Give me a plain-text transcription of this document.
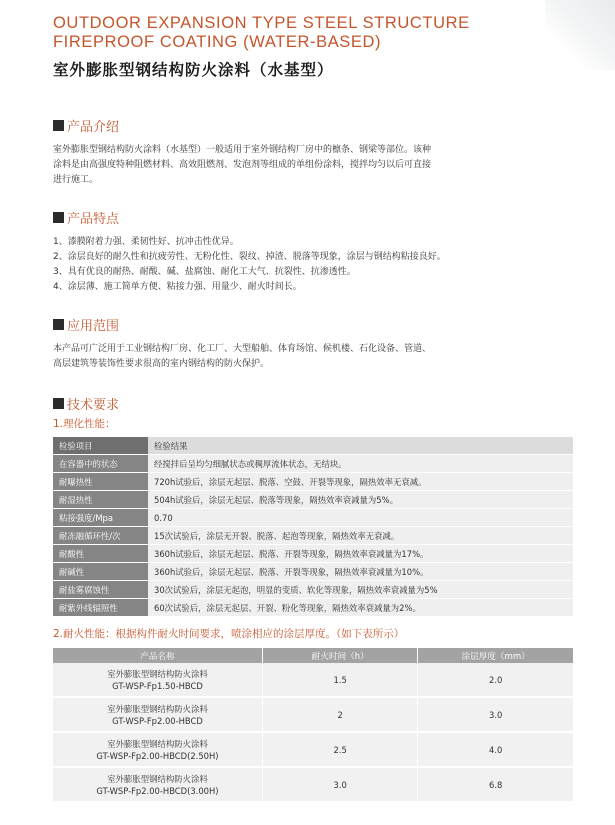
OUTDOOR EXPANSION TYPE STEEL STRUCTURE
FIREPROOF COATING (WATER-BASED)
室外膨胀型钢结构防火涂料（水基型）
产品介绍
室外膨胀型钢结构防火涂料（水基型）一般适用于室外钢结构厂房中的檩条、钢梁等部位。该种
涂料是由高强度特种阻燃材料、高效阻燃剂、发泡剂等组成的单组份涂料，搅拌均匀以后可直接
进行施工。
产品特点
1、漆膜附着力强、柔韧性好、抗冲击性优异。
2、涂层良好的耐久性和抗疲劳性、无粉化性、裂纹、掉渣、脱落等现象，涂层与钢结构粘接良好。
3、具有优良的耐热、耐酸、碱、盐腐蚀、耐化工大气、抗裂性、抗渗透性。
4、涂层薄、施工简单方便、粘接力强、用量少、耐火时间长。
应用范围
本产品可广泛用于工业钢结构厂房、化工厂、大型船舶、体育场馆、候机楼、石化设备、管道、
高层建筑等装饰性要求很高的室内钢结构的防火保护。
技术要求
1.理化性能：
检验项目	检验结果
在容器中的状态	经搅拌后呈均匀细腻状态或稠厚流体状态，无结块。
耐曝热性	720h试验后，涂层无起层、脱落、空鼓、开裂等现象，隔热效率无衰减。
耐湿热性	504h试验后，涂层无起层、脱落等现象，隔热效率衰减量为5%。
粘接强度/Mpa	0.70
耐冻融循环性/次	15次试验后，涂层无开裂、脱落、起泡等现象，隔热效率无衰减。
耐酸性	360h试验后，涂层无起层、脱落、开裂等现象，隔热效率衰减量为17%。
耐碱性	360h试验后，涂层无起层、脱落、开裂等现象，隔热效率衰减量为10%。
耐盐雾腐蚀性	30次试验后，涂层无起泡，明显的变质、软化等现象，隔热效率衰减量为5%
耐紫外线辐照性	60次试验后，涂层无起层、开裂、粉化等现象，隔热效率衰减量为2%。
2.耐火性能：根据构件耐火时间要求，喷涂相应的涂层厚度。（如下表所示）
产品名称	耐火时间（h）	涂层厚度（mm）

室外膨胀型钢结构防火涂料
GT-WSP-Fp1.50-HBCD	1.5	2.0

室外膨胀型钢结构防火涂料
GT-WSP-Fp2.00-HBCD	2	3.0

室外膨胀型钢结构防火涂料
GT-WSP-Fp2.00-HBCD(2.50H)	2.5	4.0

室外膨胀型钢结构防火涂料
GT-WSP-Fp2.00-HBCD(3.00H)	3.0	6.8
